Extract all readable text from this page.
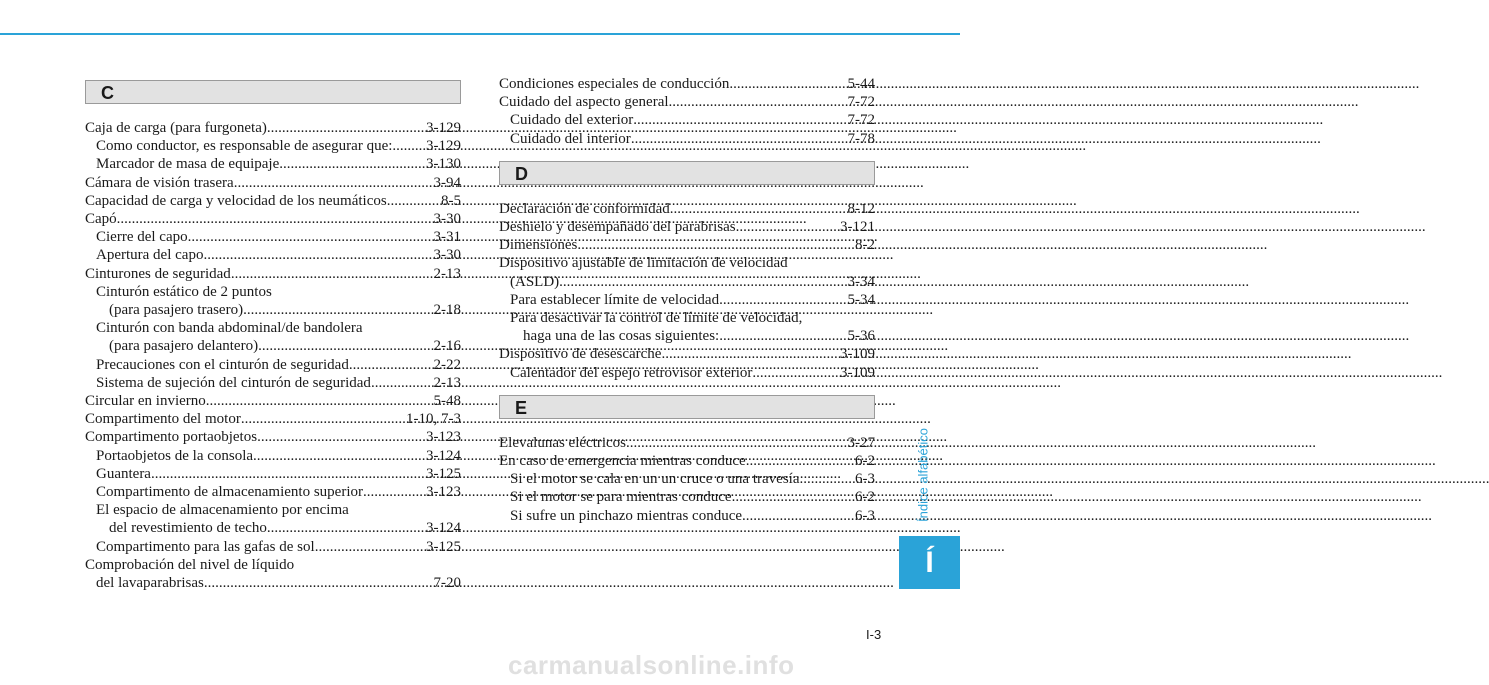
C
Caja de carga (para furgoneta) .....	3-129
Como conductor, es responsable de asegurar que:. ..... 3-129
Marcador de masa de equipaje .....	3-130
Cámara de visión trasera .....	3-94
Capacidad de carga y velocidad de los neumáticos .....	8-5
Capó .....	3-30
Cierre del capo .....	3-31
Apertura del capo .....	3-30
Cinturones de seguridad .....	2-13
Cinturón estático de 2 puntos
(para pasajero trasero) .....	2-18
Cinturón con banda abdominal/de bandolera
(para pasajero delantero) .....	2-16
Precauciones con el cinturón de seguridad .....	2-22
Sistema de sujeción del cinturón de seguridad .....	2-13
Circular en invierno .....	5-48
Compartimento del motor .....	1-10, 7-3
Compartimento portaobjetos .....	3-123
Portaobjetos de la consola .....	3-124
Guantera .....	3-125
Compartimento de almacenamiento superior .....	3-123
El espacio de almacenamiento por encima
del revestimiento de techo. .....	3-124
Compartimento para las gafas de sol .....	3-125
Comprobación del nivel de líquido
del lavaparabrisas .....	7-20
Condiciones especiales de conducción .....	5-44
Cuidado del aspecto general .....	7-72
Cuidado del exterior .....	7-72
Cuidado del interior .....	7-78
D
Declaración de conformidad .....	8-12
Deshielo y desempañado del parabrisas .....	3-121
Dimensiones .....	8-2
Dispositivo ajustable de limitación de velocidad
(ASLD) .....	3-34
Para establecer límite de velocidad .....	5-34
Para desactivar la control de límite de velocidad,
haga una de las cosas siguientes: .....	5-36
Dispositivo de desescarche .....	3-109
Calentador del espejo retrovisor exterior .....	3-109
E
Elevalunas eléctricos .....	3-27
En caso de emergencia mientras conduce .....	6-2
Si el motor se cala en un un cruce o una travesía .....	6-3
Si el motor se para mientras conduce .....	6-2
Si sufre un pinchazo mientras conduce .....	6-3	Índice alfabético
Í
I-3
carmanualsonline.info
